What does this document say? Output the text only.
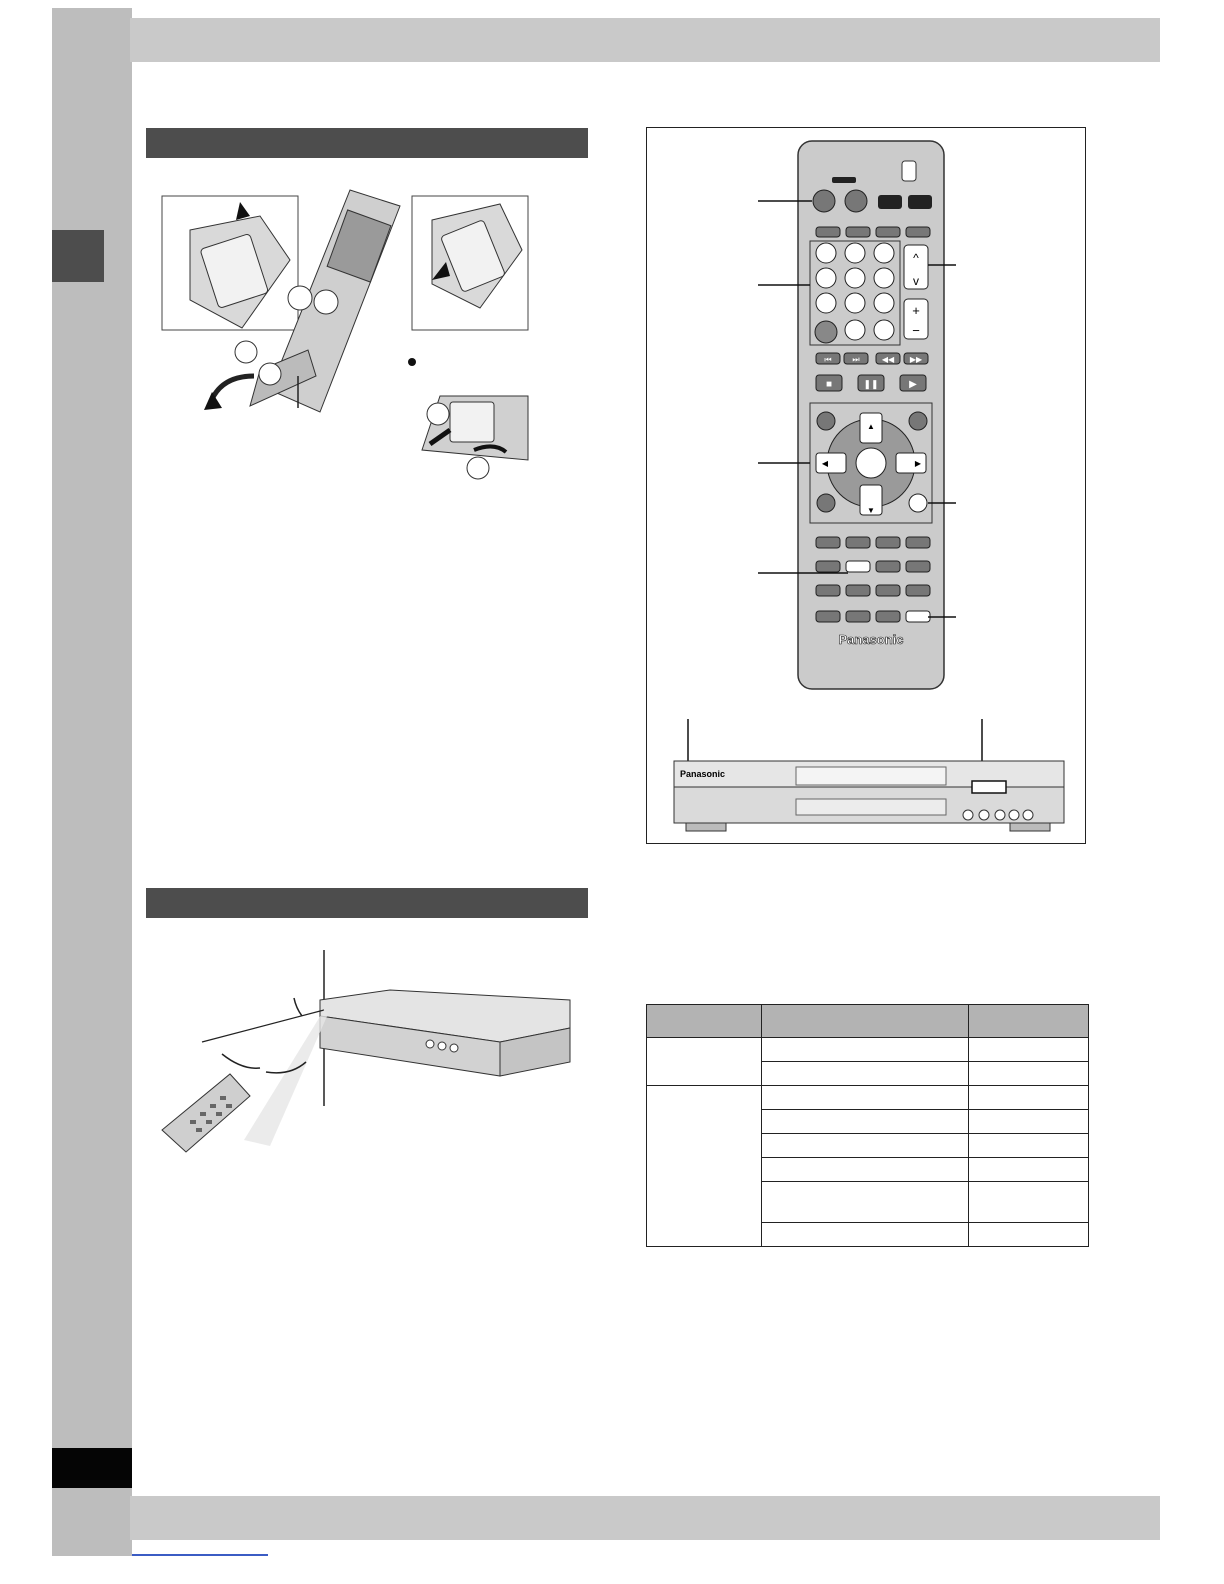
^
v
+
−
⏮	⏭	◀◀ ▶▶
■	❚❚	▶
▲
◀	▶
▼
Panasonic
Panasonic
